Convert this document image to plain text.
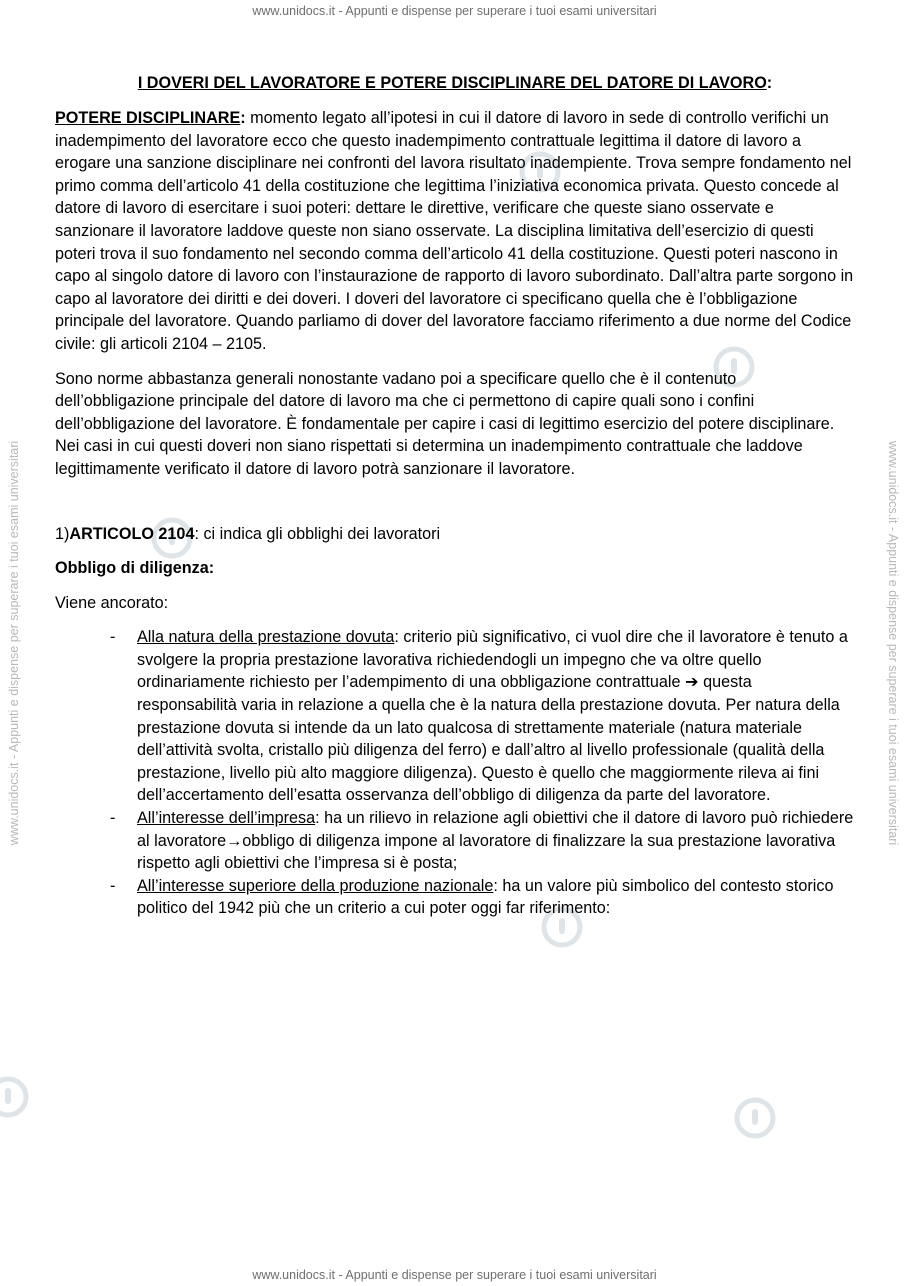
www.unidocs.it - Appunti e dispense per superare i tuoi esami universitari
www.unidocs.it - Appunti e dispense per superare i tuoi esami universitari
www.unidocs.it - Appunti e dispense per superare i tuoi esami universitari	www.unidocs.it - Appunti e dispense per superare i tuoi esami universitari
I DOVERI DEL LAVORATORE E POTERE DISCIPLINARE DEL DATORE DI LAVORO:

POTERE DISCIPLINARE: momento legato all’ipotesi in cui il datore di lavoro in sede di controllo verifichi un inadempimento del lavoratore ecco che questo inadempimento contrattuale legittima il datore di lavoro a erogare una sanzione disciplinare nei confronti del lavora risultato inadempiente. Trova sempre fondamento nel primo comma dell’articolo 41 della costituzione che legittima l’iniziativa economica privata. Questo concede al datore di lavoro di esercitare i suoi poteri: dettare le direttive, verificare che queste siano osservate e sanzionare il lavoratore laddove queste non siano osservate. La disciplina limitativa dell’esercizio di questi poteri trova il suo fondamento nel secondo comma dell’articolo 41 della costituzione. Questi poteri nascono in capo al singolo datore di lavoro con l’instaurazione de rapporto di lavoro subordinato. Dall’altra parte sorgono in capo al lavoratore dei diritti e dei doveri. I doveri del lavoratore ci specificano quella che è l’obbligazione principale del lavoratore. Quando parliamo di dover del lavoratore facciamo riferimento a due norme del Codice civile: gli articoli 2104 – 2105.

Sono norme abbastanza generali nonostante vadano poi a specificare quello che è il contenuto dell’obbligazione principale del datore di lavoro ma che ci permettono di capire quali sono i confini dell’obbligazione del lavoratore. È fondamentale per capire i casi di legittimo esercizio del potere disciplinare. Nei casi in cui questi doveri non siano rispettati si determina un inadempimento contrattuale che laddove legittimamente verificato il datore di lavoro potrà sanzionare il lavoratore.

1)ARTICOLO 2104: ci indica gli obblighi dei lavoratori

Obbligo di diligenza:

Viene ancorato:

- Alla natura della prestazione dovuta: criterio più significativo, ci vuol dire che il lavoratore è tenuto a svolgere la propria prestazione lavorativa richiedendogli un impegno che va oltre quello ordinariamente richiesto per l’adempimento di una obbligazione contrattuale ➔ questa responsabilità varia in relazione a quella che è la natura della prestazione dovuta. Per natura della prestazione dovuta si intende da un lato qualcosa di strettamente materiale (natura materiale dell’attività svolta, cristallo più diligenza del ferro) e dall’altro al livello professionale (qualità della prestazione, livello più alto maggiore diligenza). Questo è quello che maggiormente rileva ai fini dell’accertamento dell’esatta osservanza dell’obbligo di diligenza da parte del lavoratore.
- All’interesse dell’impresa: ha un rilievo in relazione agli obiettivi che il datore di lavoro può richiedere al lavoratore→obbligo di diligenza impone al lavoratore di finalizzare la sua prestazione lavorativa rispetto agli obiettivi che l’impresa si è posta;
- All’interesse superiore della produzione nazionale: ha un valore più simbolico del contesto storico politico del 1942 più che un criterio a cui poter oggi far riferimento:
